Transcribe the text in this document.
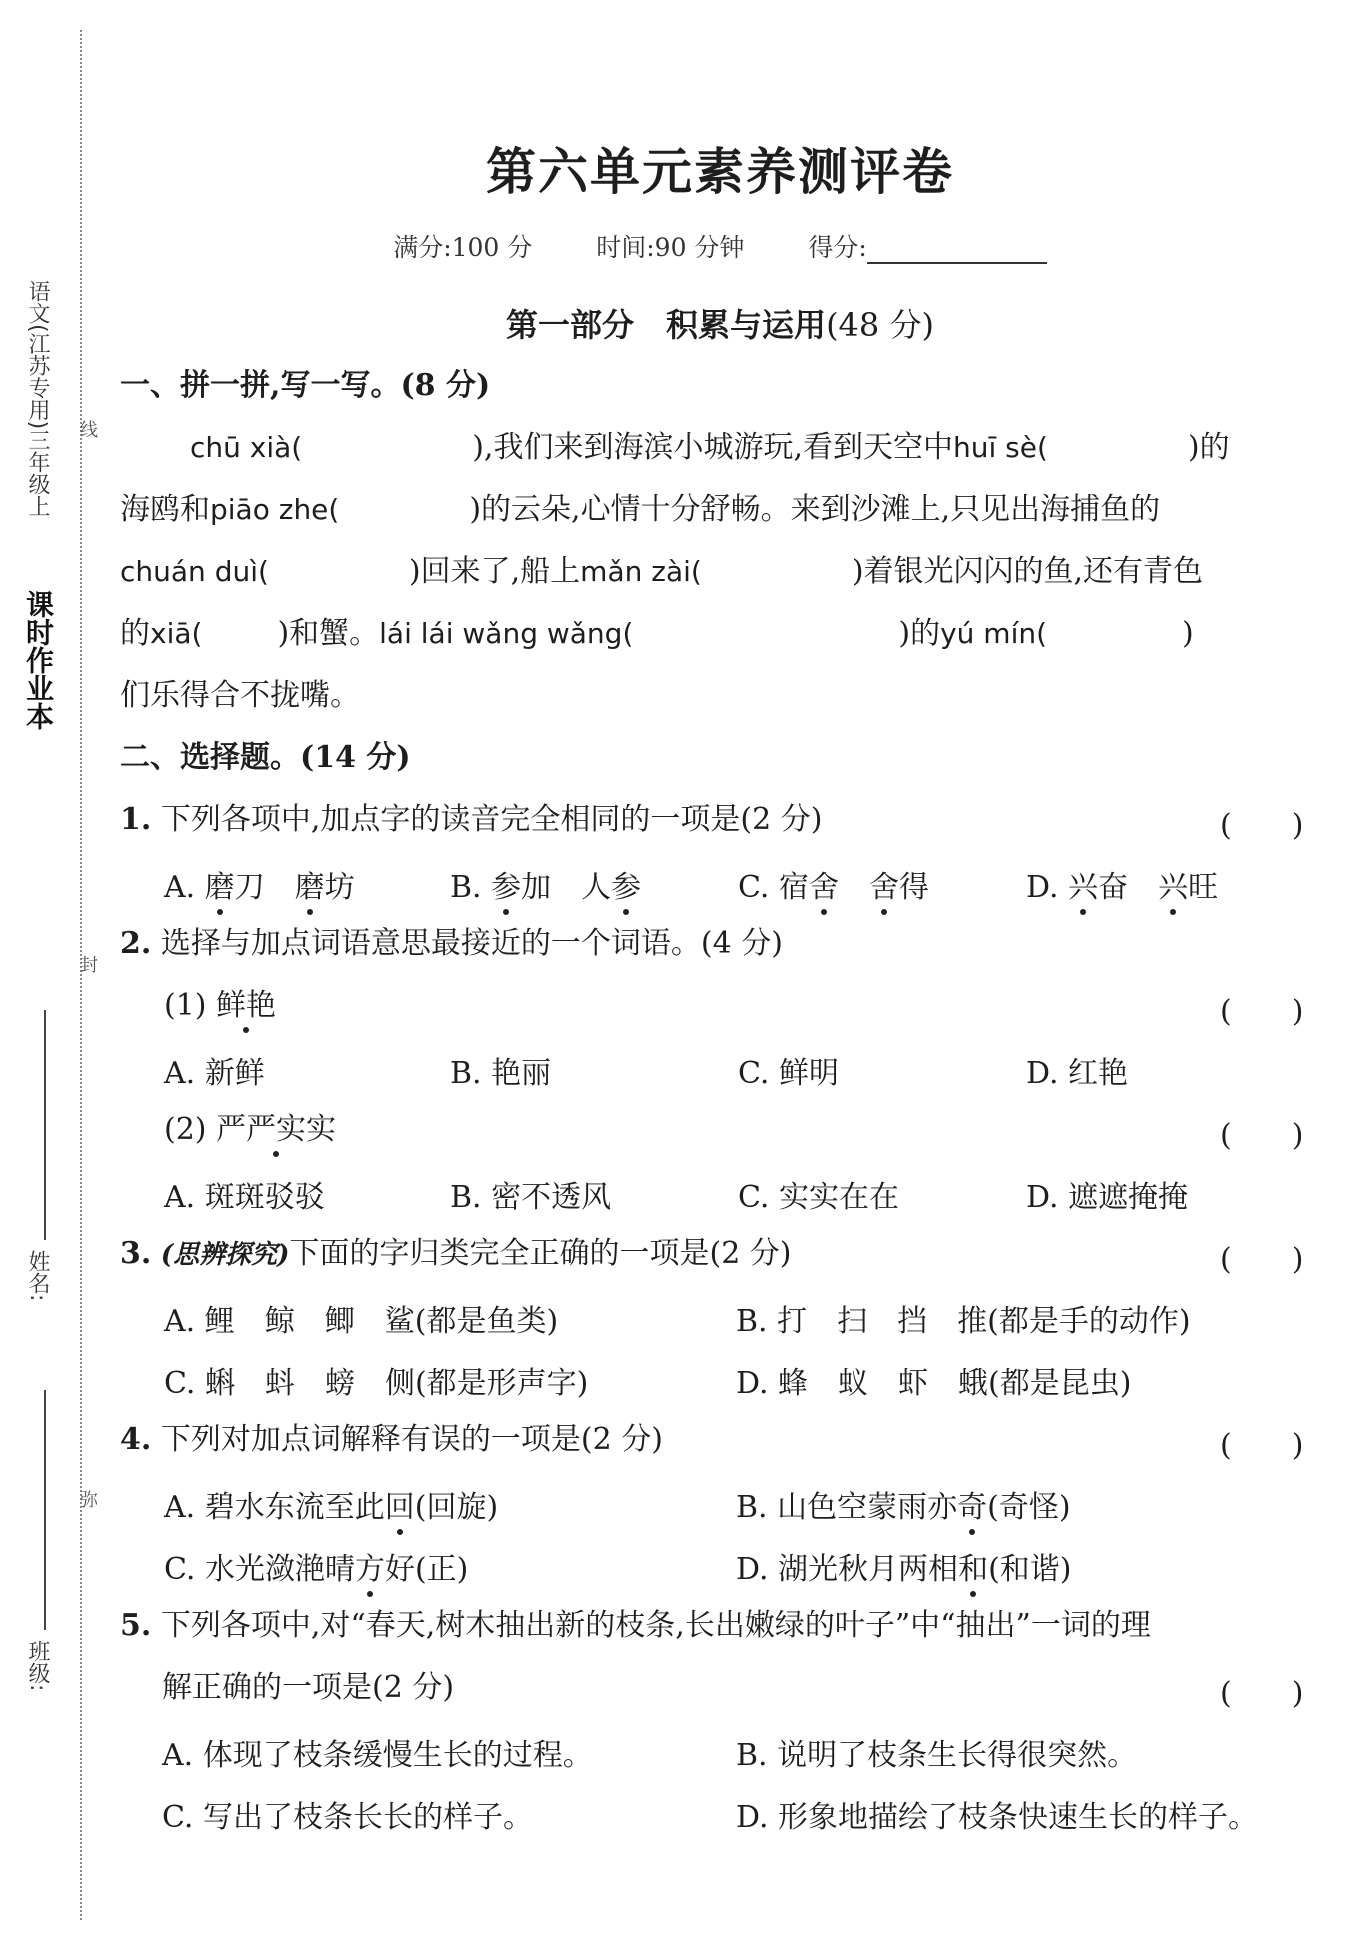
课时作业本
语文(江苏专用)三年级上 线
封
弥
姓名:
班级:
第六单元素养测评卷
满分:100 分	时间:90 分钟	得分:
第一部分　积累与运用(48 分)
一、拼一拼,写一写。(8 分)
chū xià(	),我们来到海滨小城游玩,看到天空中huī sè(	)的
海鸥和piāo zhe(	)的云朵,心情十分舒畅。来到沙滩上,只见出海捕鱼的
chuán duì(	)回来了,船上mǎn zài(	)着银光闪闪的鱼,还有青色
的xiā(	)和蟹。lái lái wǎng wǎng(	)的yú mín(	)
们乐得合不拢嘴。
二、选择题。(14 分)
1. 下列各项中,加点字的读音完全相同的一项是(2 分)	(　　)
A. 磨刀　 磨坊	B. 参加　 人参	C. 宿舍　 舍得	D. 兴奋　 兴旺
2. 选择与加点词语意思最接近的一个词语。(4 分)
(1) 鲜艳	(　　)
A. 新鲜	B. 艳丽	C. 鲜明	D. 红艳
(2) 严严实实	(　　)
A. 斑斑驳驳	B. 密不透风	C. 实实在在	D. 遮遮掩掩
3. (思辨探究)下面的字归类完全正确的一项是(2 分)	(　　)
A. 鲤　鲸　鲫　鲨(都是鱼类)	B. 打　扫　挡　推(都是手的动作)
C. 蝌　蚪　螃　侧(都是形声字)	D. 蜂　蚁　虾　蛾(都是昆虫)
4. 下列对加点词解释有误的一项是(2 分)	(　　)
A. 碧水东流至此回(回旋)	B. 山色空蒙雨亦奇(奇怪)
C. 水光潋滟晴方好(正)	D. 湖光秋月两相和(和谐)
5. 下列各项中,对“春天,树木抽出新的枝条,长出嫩绿的叶子”中“抽出”一词的理
解正确的一项是(2 分)	(　　)
A. 体现了枝条缓慢生长的过程。	B. 说明了枝条生长得很突然。
C. 写出了枝条长长的样子。	D. 形象地描绘了枝条快速生长的样子。
